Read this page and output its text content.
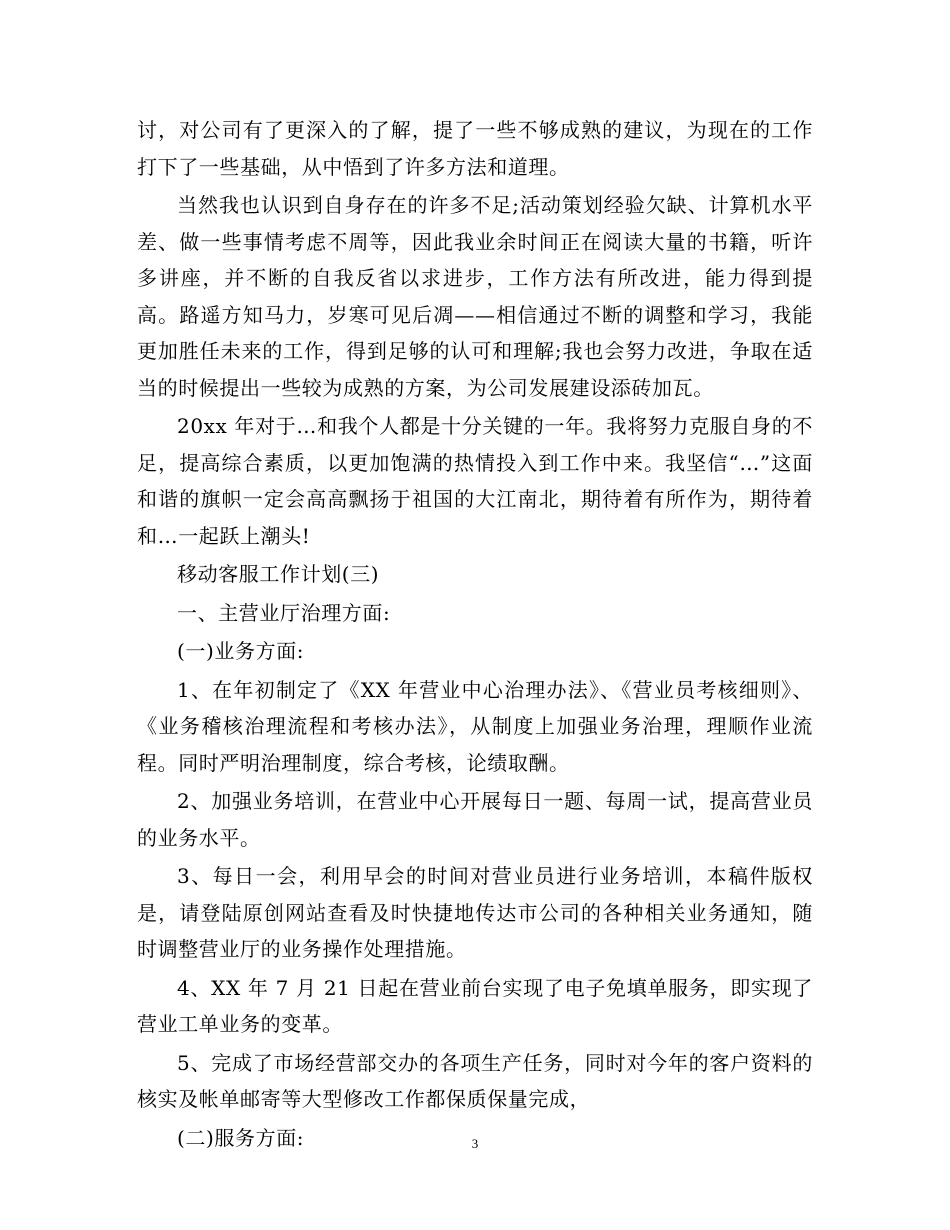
讨，对公司有了更深入的了解，提了一些不够成熟的建议，为现在的工作打下了一些基础，从中悟到了许多方法和道理。

当然我也认识到自身存在的许多不足;活动策划经验欠缺、计算机水平差、做一些事情考虑不周等，因此我业余时间正在阅读大量的书籍，听许多讲座，并不断的自我反省以求进步，工作方法有所改进，能力得到提高。路遥方知马力，岁寒可见后凋——相信通过不断的调整和学习，我能更加胜任未来的工作，得到足够的认可和理解;我也会努力改进，争取在适当的时候提出一些较为成熟的方案，为公司发展建设添砖加瓦。

20xx 年对于…和我个人都是十分关键的一年。我将努力克服自身的不足，提高综合素质，以更加饱满的热情投入到工作中来。我坚信“…”这面和谐的旗帜一定会高高飘扬于祖国的大江南北，期待着有所作为，期待着和…一起跃上潮头!

移动客服工作计划(三)

一、主营业厅治理方面:

(一)业务方面:

1、在年初制定了《XX 年营业中心治理办法》、《营业员考核细则》、《业务稽核治理流程和考核办法》，从制度上加强业务治理，理顺作业流程。同时严明治理制度，综合考核，论绩取酬。

2、加强业务培训，在营业中心开展每日一题、每周一试，提高营业员的业务水平。

3、每日一会，利用早会的时间对营业员进行业务培训，本稿件版权是，请登陆原创网站查看及时快捷地传达市公司的各种相关业务通知，随时调整营业厅的业务操作处理措施。

4、XX 年 7 月 21 日起在营业前台实现了电子免填单服务，即实现了营业工单业务的变革。

5、完成了市场经营部交办的各项生产任务，同时对今年的客户资料的核实及帐单邮寄等大型修改工作都保质保量完成，

(二)服务方面:	3
